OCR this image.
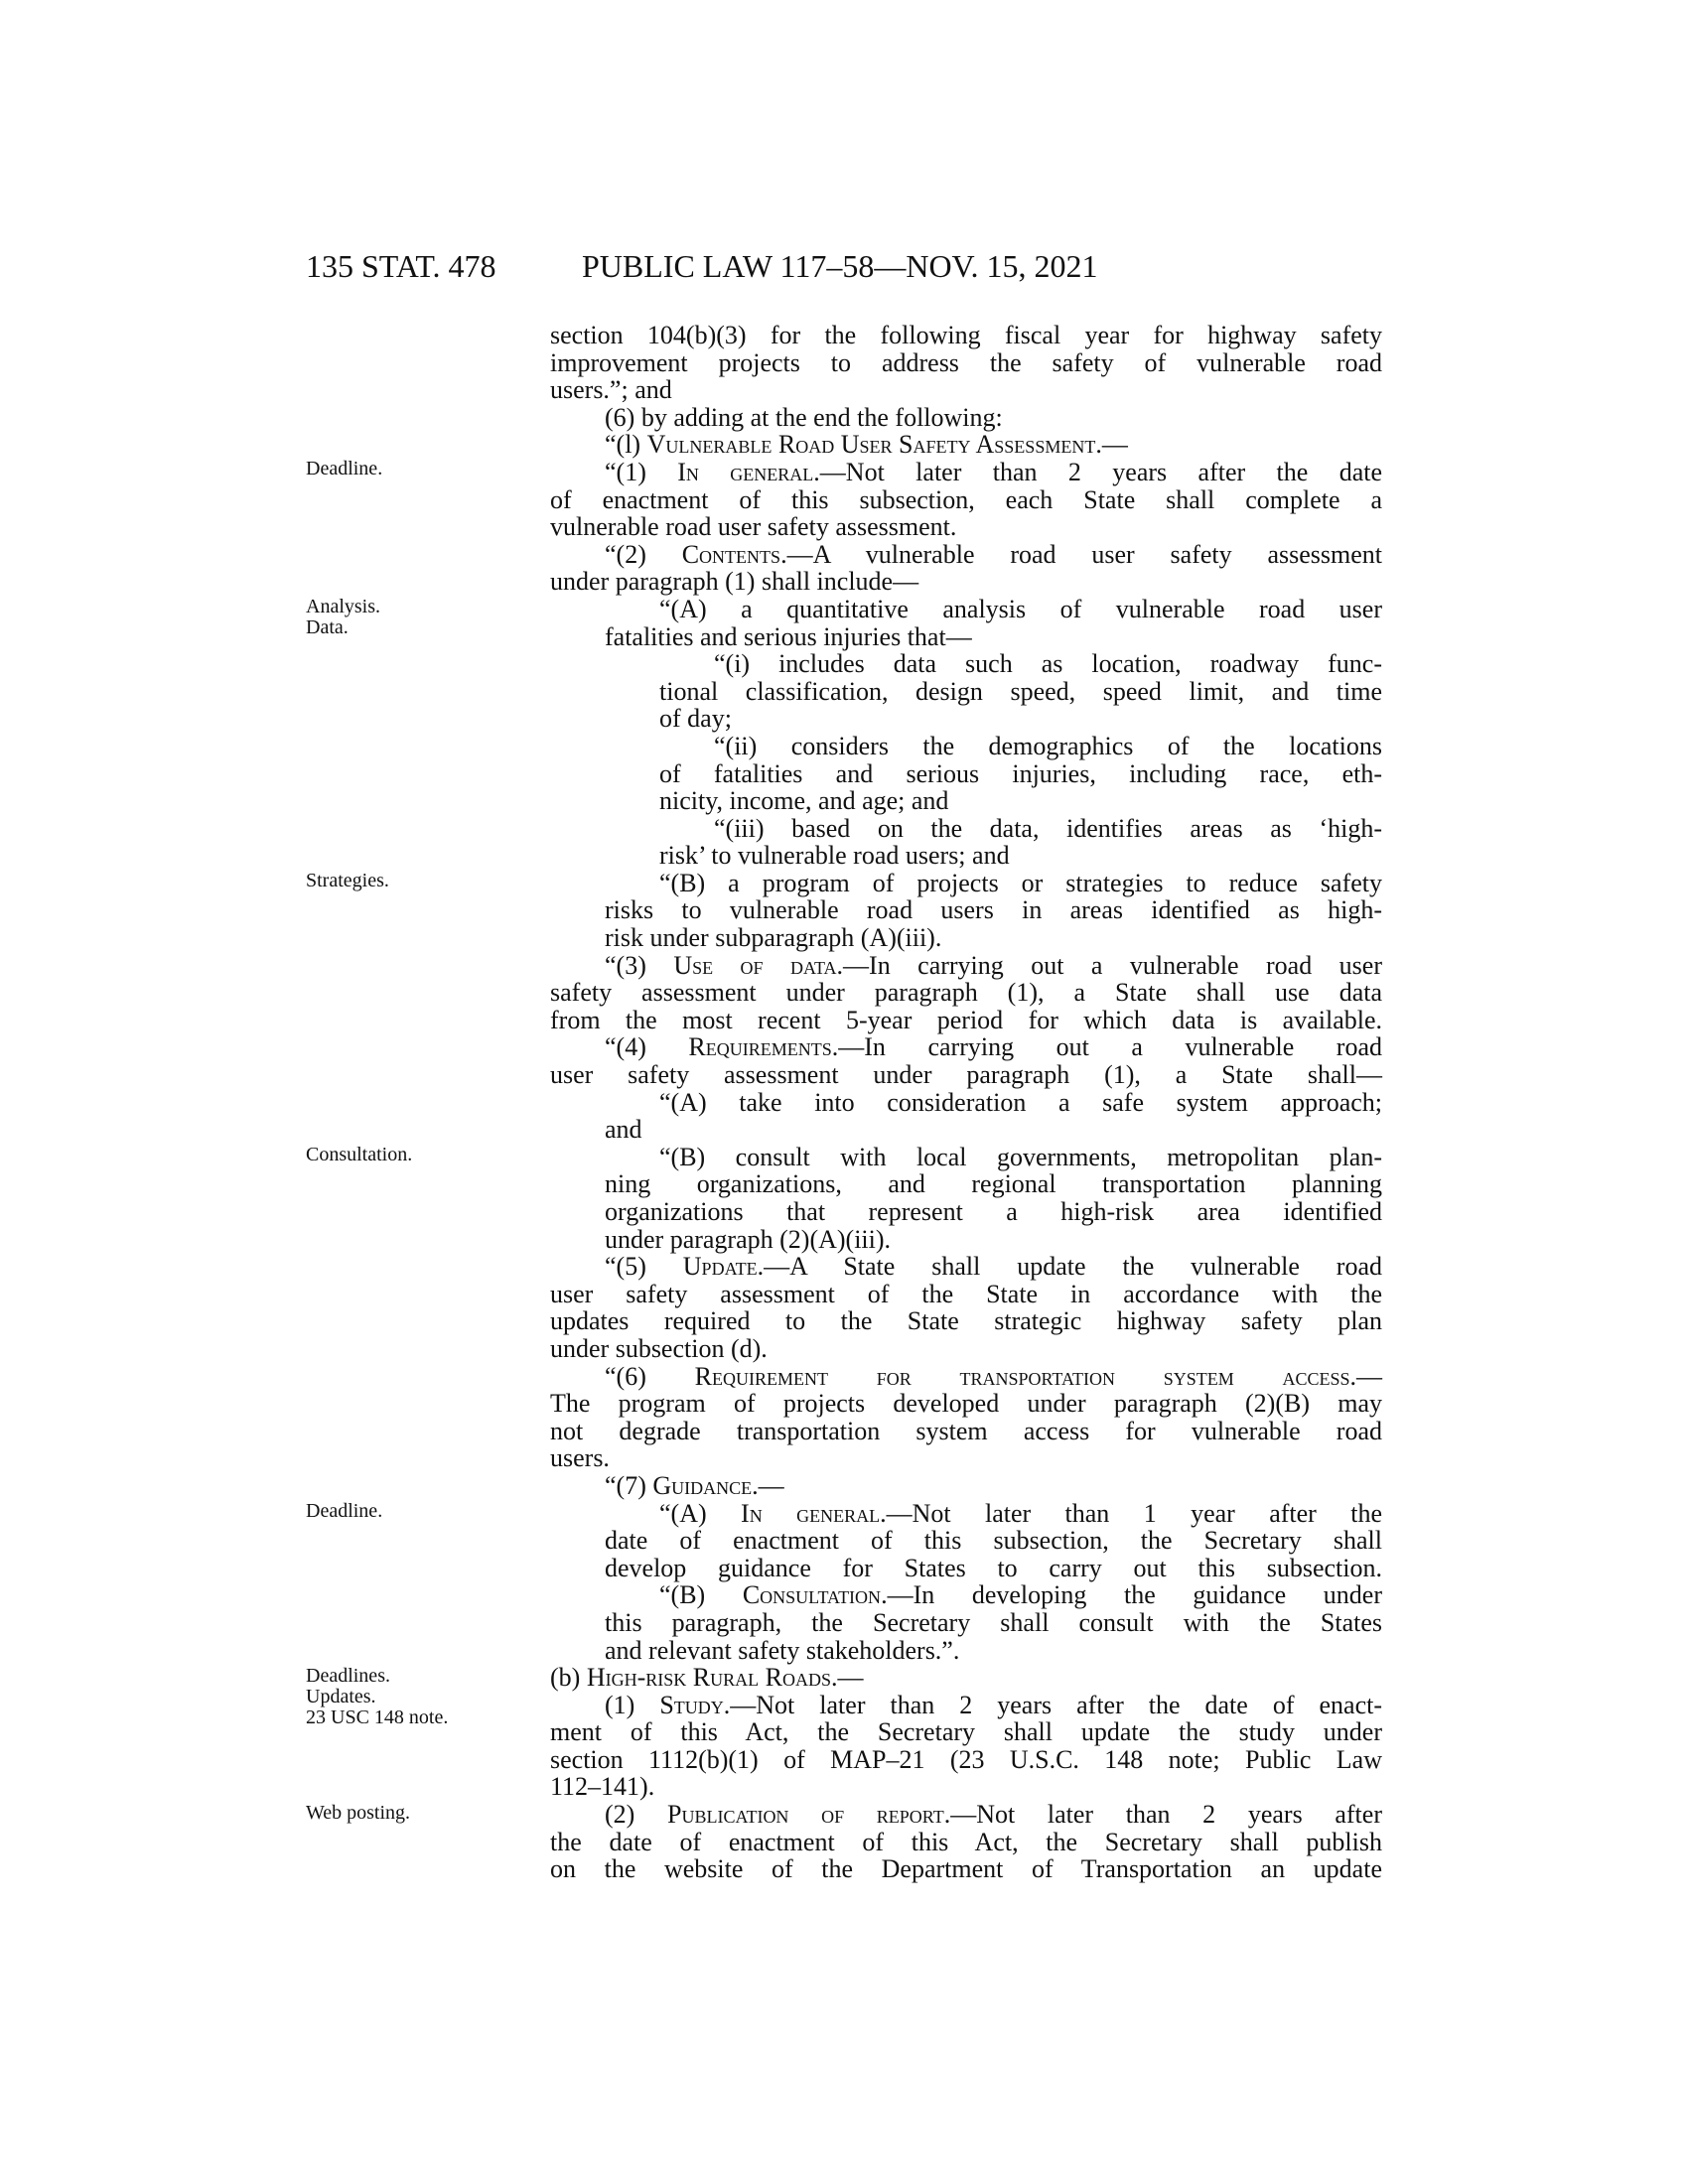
135 STAT. 478	PUBLIC LAW 117–58—NOV. 15, 2021
Deadline.
Analysis.
Data.
Strategies.
Consultation.
Deadline.
Deadlines.
Updates.
23 USC 148 note.
Web posting.
section 104(b)(3) for the following fiscal year for highway safety
improvement projects to address the safety of vulnerable road
users.”; and
(6) by adding at the end the following:
“(l) Vulnerable Road User Safety Assessment.—
“(1) In general.—Not later than 2 years after the date
of enactment of this subsection, each State shall complete a
vulnerable road user safety assessment.
“(2) Contents.—A vulnerable road user safety assessment
under paragraph (1) shall include—
“(A) a quantitative analysis of vulnerable road user
fatalities and serious injuries that—
“(i) includes data such as location, roadway func-
tional classification, design speed, speed limit, and time
of day;
“(ii) considers the demographics of the locations
of fatalities and serious injuries, including race, eth-
nicity, income, and age; and
“(iii) based on the data, identifies areas as ‘high-
risk’ to vulnerable road users; and
“(B) a program of projects or strategies to reduce safety
risks to vulnerable road users in areas identified as high-
risk under subparagraph (A)(iii).
“(3) Use of data.—In carrying out a vulnerable road user
safety assessment under paragraph (1), a State shall use data
from the most recent 5-year period for which data is available.
“(4) Requirements.—In carrying out a vulnerable road
user safety assessment under paragraph (1), a State shall—
“(A) take into consideration a safe system approach;
and
“(B) consult with local governments, metropolitan plan-
ning organizations, and regional transportation planning
organizations that represent a high-risk area identified
under paragraph (2)(A)(iii).
“(5) Update.—A State shall update the vulnerable road
user safety assessment of the State in accordance with the
updates required to the State strategic highway safety plan
under subsection (d).
“(6) Requirement for transportation system access.—
The program of projects developed under paragraph (2)(B) may
not degrade transportation system access for vulnerable road
users.
“(7) Guidance.—
“(A) In general.—Not later than 1 year after the
date of enactment of this subsection, the Secretary shall
develop guidance for States to carry out this subsection.
“(B) Consultation.—In developing the guidance under
this paragraph, the Secretary shall consult with the States
and relevant safety stakeholders.”.
(b) High-risk Rural Roads.—
(1) Study.—Not later than 2 years after the date of enact-
ment of this Act, the Secretary shall update the study under
section 1112(b)(1) of MAP–21 (23 U.S.C. 148 note; Public Law
112–141).
(2) Publication of report.—Not later than 2 years after
the date of enactment of this Act, the Secretary shall publish
on the website of the Department of Transportation an update
